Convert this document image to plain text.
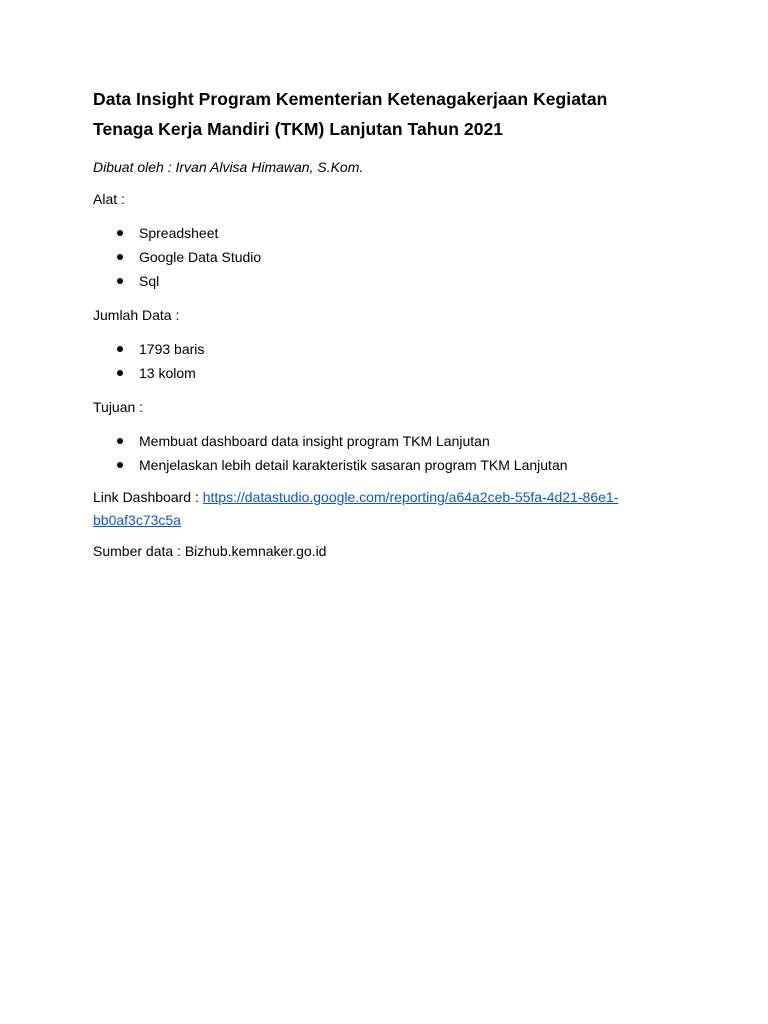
Data Insight Program Kementerian Ketenagakerjaan Kegiatan
Tenaga Kerja Mandiri (TKM) Lanjutan Tahun 2021

Dibuat oleh : Irvan Alvisa Himawan, S.Kom.

Alat :

Spreadsheet
Google Data Studio
Sql

Jumlah Data :

1793 baris
13 kolom

Tujuan :

Membuat dashboard data insight program TKM Lanjutan
Menjelaskan lebih detail karakteristik sasaran program TKM Lanjutan

Link Dashboard : https://datastudio.google.com/reporting/a64a2ceb-55fa-4d21-86e1-
bb0af3c73c5a

Sumber data : Bizhub.kemnaker.go.id
